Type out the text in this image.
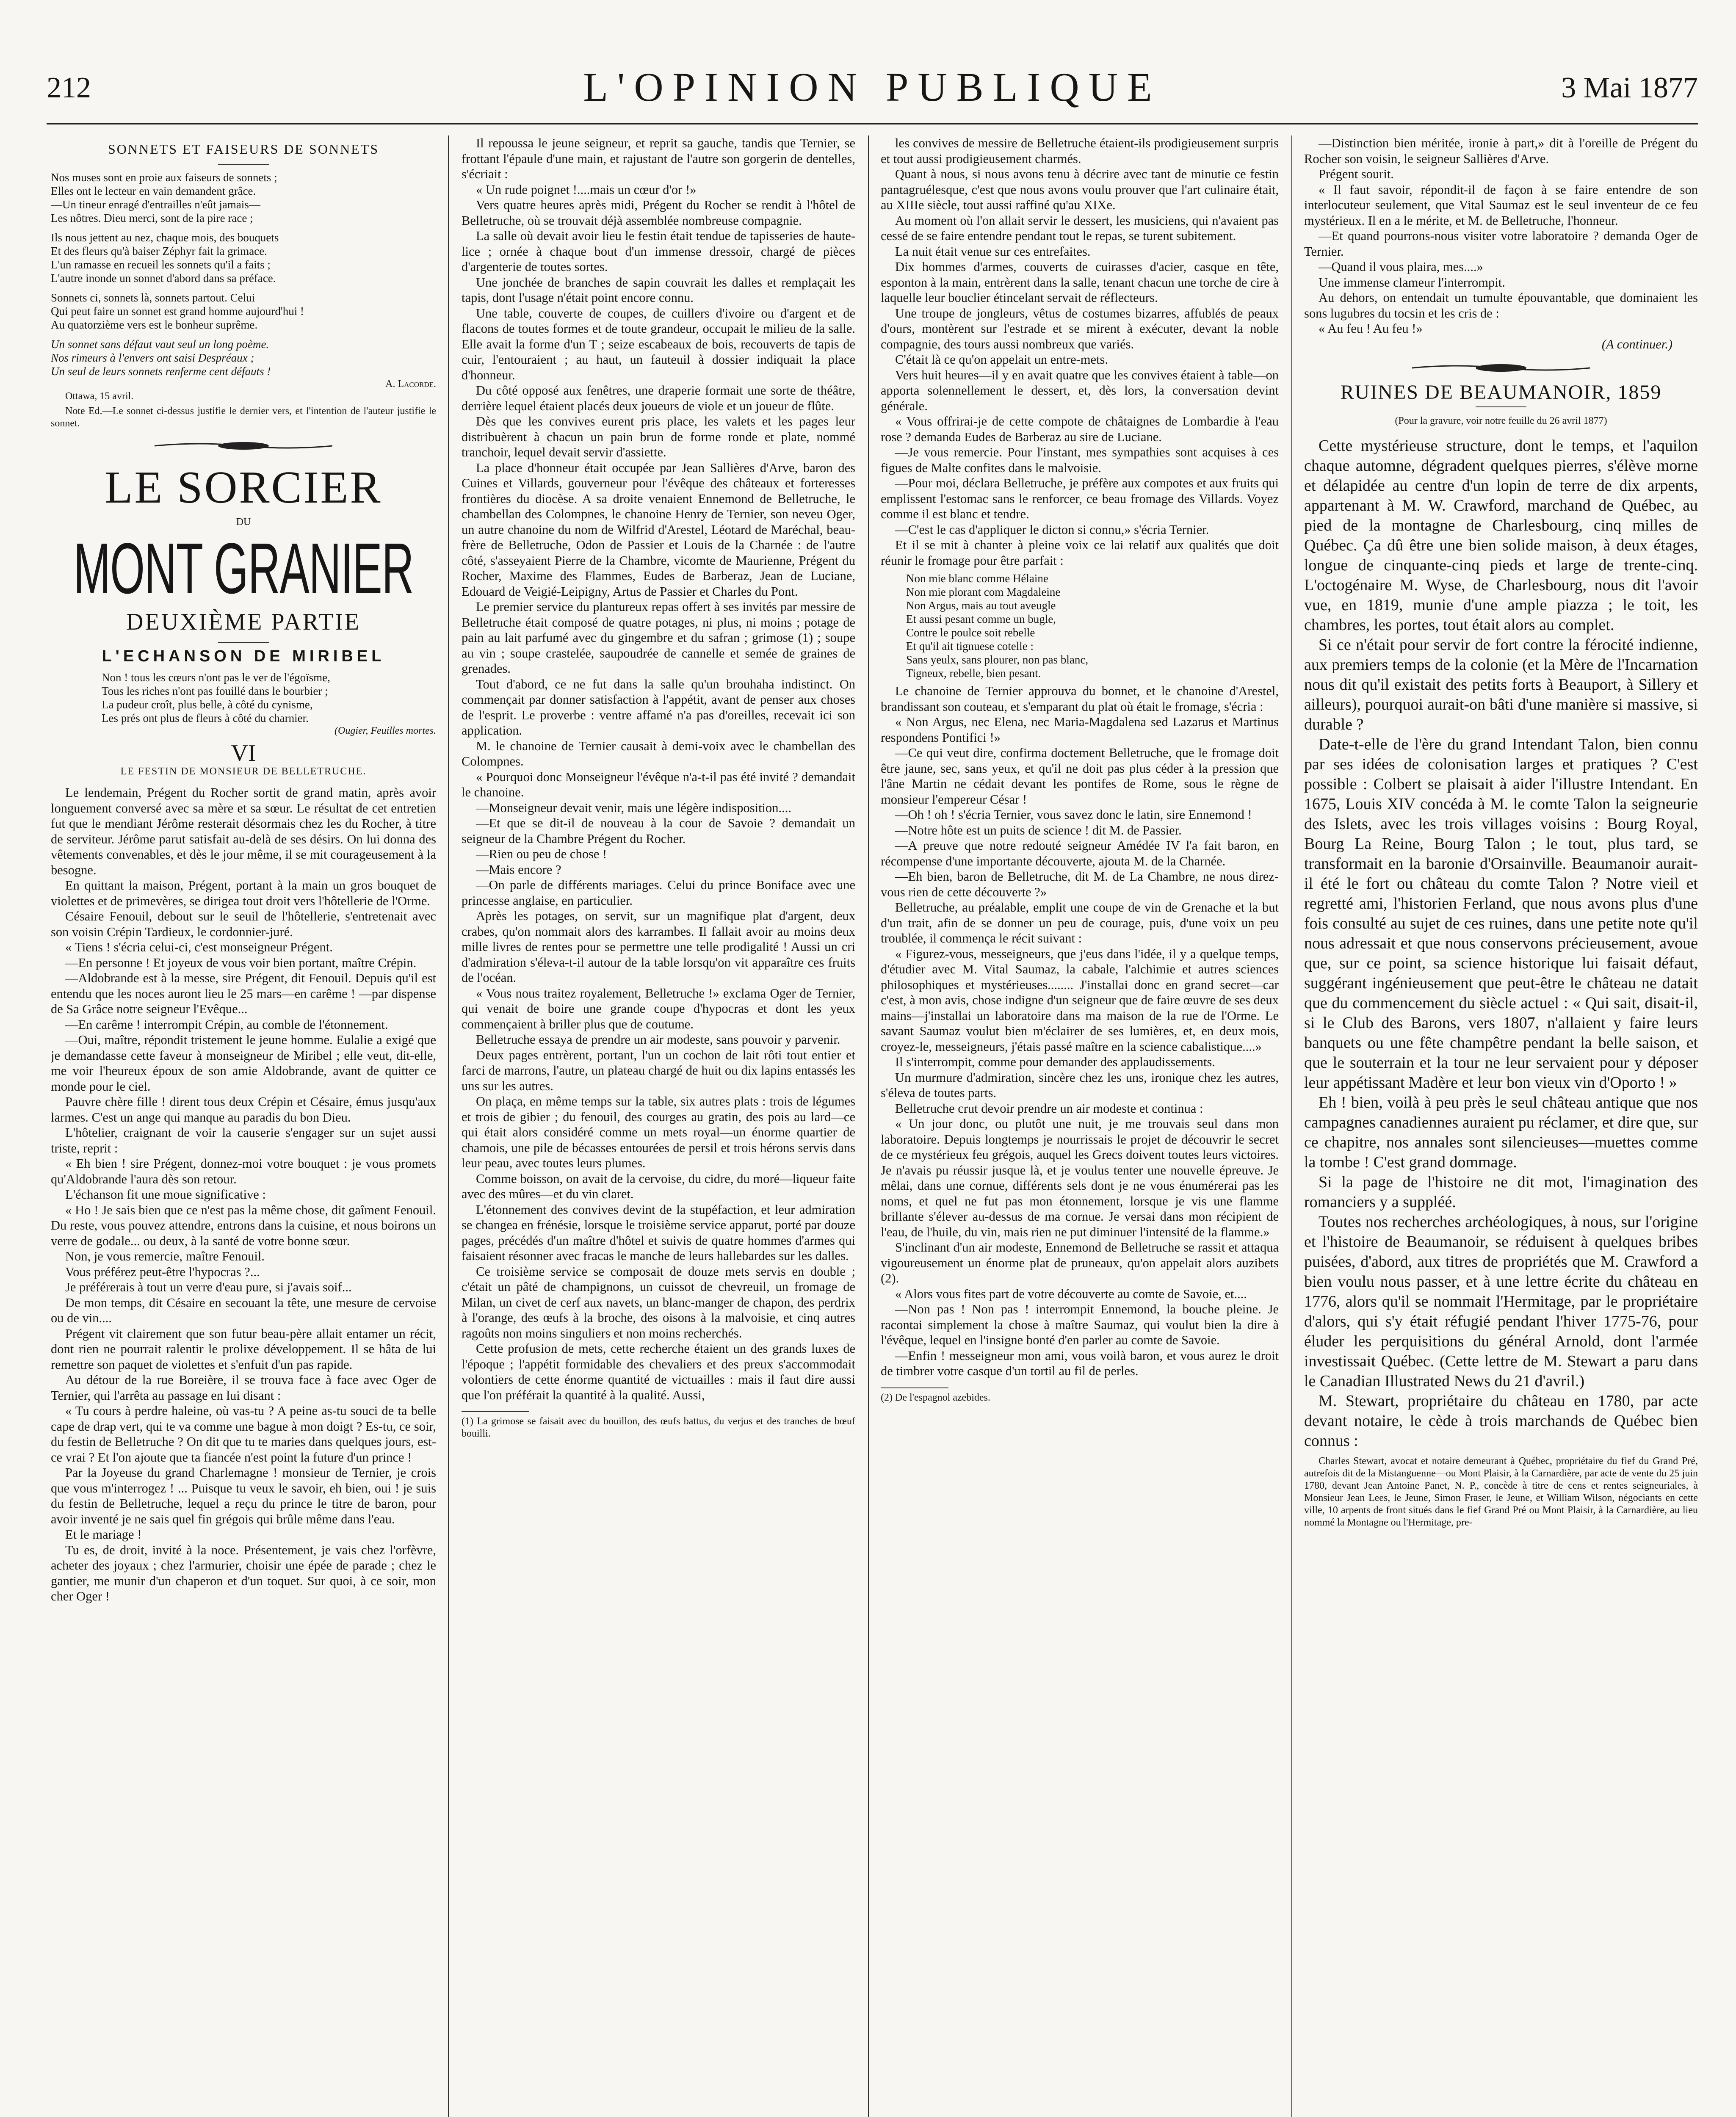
212	L'OPINION PUBLIQUE	3 Mai 1877
SONNETS ET FAISEURS DE SONNETS
Nos muses sont en proie aux faiseurs de sonnets ;
Elles ont le lecteur en vain demandent grâce.
—Un tineur enragé d'entrailles n'eût jamais—
Les nôtres. Dieu merci, sont de la pire race ;
Ils nous jettent au nez, chaque mois, des bouquets
Et des fleurs qu'à baiser Zéphyr fait la grimace.
L'un ramasse en recueil les sonnets qu'il a faits ;
L'autre inonde un sonnet d'abord dans sa préface.
Sonnets ci, sonnets là, sonnets partout. Celui
Qui peut faire un sonnet est grand homme aujourd'hui !
Au quatorzième vers est le bonheur suprême.
Un sonnet sans défaut vaut seul un long poème.
Nos rimeurs à l'envers ont saisi Despréaux ;
Un seul de leurs sonnets renferme cent défauts !
A. Lacorde.

Ottawa, 15 avril.

Note Ed.—Le sonnet ci-dessus justifie le dernier vers, et l'intention de l'auteur justifie le sonnet.

LE SORCIER
DU
MONT GRANIER
DEUXIÈME PARTIE
L'ECHANSON DE MIRIBEL
Non ! tous les cœurs n'ont pas le ver de l'égoïsme,
Tous les riches n'ont pas fouillé dans le bourbier ;
La pudeur croît, plus belle, à côté du cynisme,
Les prés ont plus de fleurs à côté du charnier.
(Ougier, Feuilles mortes.
VI
LE FESTIN DE MONSIEUR DE BELLETRUCHE.

Le lendemain, Prégent du Rocher sortit de grand matin, après avoir longuement conversé avec sa mère et sa sœur. Le résultat de cet entretien fut que le mendiant Jérôme resterait désormais chez les du Rocher, à titre de serviteur. Jérôme parut satisfait au-delà de ses désirs. On lui donna des vêtements convenables, et dès le jour même, il se mit courageusement à la besogne.

En quittant la maison, Prégent, portant à la main un gros bouquet de violettes et de primevères, se dirigea tout droit vers l'hôtellerie de l'Orme.

Césaire Fenouil, debout sur le seuil de l'hôtellerie, s'entretenait avec son voisin Crépin Tardieux, le cordonnier-juré.

« Tiens ! s'écria celui-ci, c'est monseigneur Prégent.

—En personne ! Et joyeux de vous voir bien portant, maître Crépin.

—Aldobrande est à la messe, sire Prégent, dit Fenouil. Depuis qu'il est entendu que les noces auront lieu le 25 mars—en carême ! —par dispense de Sa Grâce notre seigneur l'Evêque...

—En carême ! interrompit Crépin, au comble de l'étonnement.

—Oui, maître, répondit tristement le jeune homme. Eulalie a exigé que je demandasse cette faveur à monseigneur de Miribel ; elle veut, dit-elle, me voir l'heureux époux de son amie Aldobrande, avant de quitter ce monde pour le ciel.

Pauvre chère fille ! dirent tous deux Crépin et Césaire, émus jusqu'aux larmes. C'est un ange qui manque au paradis du bon Dieu.

L'hôtelier, craignant de voir la causerie s'engager sur un sujet aussi triste, reprit :

« Eh bien ! sire Prégent, donnez-moi votre bouquet : je vous promets qu'Aldobrande l'aura dès son retour.

L'échanson fit une moue significative :

« Ho ! Je sais bien que ce n'est pas la même chose, dit gaîment Fenouil. Du reste, vous pouvez attendre, entrons dans la cuisine, et nous boirons un verre de godale... ou deux, à la santé de votre bonne sœur.

Non, je vous remercie, maître Fenouil.

Vous préférez peut-être l'hypocras ?...

Je préférerais à tout un verre d'eau pure, si j'avais soif...

De mon temps, dit Césaire en secouant la tête, une mesure de cervoise ou de vin....

Prégent vit clairement que son futur beau-père allait entamer un récit, dont rien ne pourrait ralentir le prolixe développement. Il se hâta de lui remettre son paquet de violettes et s'enfuit d'un pas rapide.

Au détour de la rue Boreière, il se trouva face à face avec Oger de Ternier, qui l'arrêta au passage en lui disant :

« Tu cours à perdre haleine, où vas-tu ? A peine as-tu souci de ta belle cape de drap vert, qui te va comme une bague à mon doigt ? Es-tu, ce soir, du festin de Belletruche ? On dit que tu te maries dans quelques jours, est-ce vrai ? Et l'on ajoute que ta fiancée n'est point la future d'un prince !

Par la Joyeuse du grand Charlemagne ! monsieur de Ternier, je crois que vous m'interrogez ! ... Puisque tu veux le savoir, eh bien, oui ! je suis du festin de Belletruche, lequel a reçu du prince le titre de baron, pour avoir inventé je ne sais quel fin grégois qui brûle même dans l'eau.

Et le mariage !

Tu es, de droit, invité à la noce. Présentement, je vais chez l'orfèvre, acheter des joyaux ; chez l'armurier, choisir une épée de parade ; chez le gantier, me munir d'un chaperon et d'un toquet. Sur quoi, à ce soir, mon cher Oger !

Il repoussa le jeune seigneur, et reprit sa gauche, tandis que Ternier, se frottant l'épaule d'une main, et rajustant de l'autre son gorgerin de dentelles, s'écriait :

« Un rude poignet !....mais un cœur d'or !»

Vers quatre heures après midi, Prégent du Rocher se rendit à l'hôtel de Belletruche, où se trouvait déjà assemblée nombreuse compagnie.

La salle où devait avoir lieu le festin était tendue de tapisseries de haute-lice ; ornée à chaque bout d'un immense dressoir, chargé de pièces d'argenterie de toutes sortes.

Une jonchée de branches de sapin couvrait les dalles et remplaçait les tapis, dont l'usage n'était point encore connu.

Une table, couverte de coupes, de cuillers d'ivoire ou d'argent et de flacons de toutes formes et de toute grandeur, occupait le milieu de la salle. Elle avait la forme d'un T ; seize escabeaux de bois, recouverts de tapis de cuir, l'entouraient ; au haut, un fauteuil à dossier indiquait la place d'honneur.

Du côté opposé aux fenêtres, une draperie formait une sorte de théâtre, derrière lequel étaient placés deux joueurs de viole et un joueur de flûte.

Dès que les convives eurent pris place, les valets et les pages leur distribuèrent à chacun un pain brun de forme ronde et plate, nommé tranchoir, lequel devait servir d'assiette.

La place d'honneur était occupée par Jean Sallières d'Arve, baron des Cuines et Villards, gouverneur pour l'évêque des châteaux et forteresses frontières du diocèse. A sa droite venaient Ennemond de Belletruche, le chambellan des Colompnes, le chanoine Henry de Ternier, son neveu Oger, un autre chanoine du nom de Wilfrid d'Arestel, Léotard de Maréchal, beau-frère de Belletruche, Odon de Passier et Louis de la Charnée : de l'autre côté, s'asseyaient Pierre de la Chambre, vicomte de Maurienne, Prégent du Rocher, Maxime des Flammes, Eudes de Barberaz, Jean de Luciane, Edouard de Veigié-Leipigny, Artus de Passier et Charles du Pont.

Le premier service du plantureux repas offert à ses invités par messire de Belletruche était composé de quatre potages, ni plus, ni moins ; potage de pain au lait parfumé avec du gingembre et du safran ; grimose (1) ; soupe au vin ; soupe crastelée, saupoudrée de cannelle et semée de graines de grenades.

Tout d'abord, ce ne fut dans la salle qu'un brouhaha indistinct. On commençait par donner satisfaction à l'appétit, avant de penser aux choses de l'esprit. Le proverbe : ventre affamé n'a pas d'oreilles, recevait ici son application.

M. le chanoine de Ternier causait à demi-voix avec le chambellan des Colompnes.

« Pourquoi donc Monseigneur l'évêque n'a-t-il pas été invité ? demandait le chanoine.

—Monseigneur devait venir, mais une légère indisposition....

—Et que se dit-il de nouveau à la cour de Savoie ? demandait un seigneur de la Chambre Prégent du Rocher.

—Rien ou peu de chose !

—Mais encore ?

—On parle de différents mariages. Celui du prince Boniface avec une princesse anglaise, en particulier.

Après les potages, on servit, sur un magnifique plat d'argent, deux crabes, qu'on nommait alors des karrambes. Il fallait avoir au moins deux mille livres de rentes pour se permettre une telle prodigalité ! Aussi un cri d'admiration s'éleva-t-il autour de la table lorsqu'on vit apparaître ces fruits de l'océan.

« Vous nous traitez royalement, Belletruche !» exclama Oger de Ternier, qui venait de boire une grande coupe d'hypocras et dont les yeux commençaient à briller plus que de coutume.

Belletruche essaya de prendre un air modeste, sans pouvoir y parvenir.

Deux pages entrèrent, portant, l'un un cochon de lait rôti tout entier et farci de marrons, l'autre, un plateau chargé de huit ou dix lapins entassés les uns sur les autres.

On plaça, en même temps sur la table, six autres plats : trois de légumes et trois de gibier ; du fenouil, des courges au gratin, des pois au lard—ce qui était alors considéré comme un mets royal—un énorme quartier de chamois, une pile de bécasses entourées de persil et trois hérons servis dans leur peau, avec toutes leurs plumes.

Comme boisson, on avait de la cervoise, du cidre, du moré—liqueur faite avec des mûres—et du vin claret.

L'étonnement des convives devint de la stupéfaction, et leur admiration se changea en frénésie, lorsque le troisième service apparut, porté par douze pages, précédés d'un maître d'hôtel et suivis de quatre hommes d'armes qui faisaient résonner avec fracas le manche de leurs hallebardes sur les dalles.

Ce troisième service se composait de douze mets servis en double ; c'était un pâté de champignons, un cuissot de chevreuil, un fromage de Milan, un civet de cerf aux navets, un blanc-manger de chapon, des perdrix à l'orange, des œufs à la broche, des oisons à la malvoisie, et cinq autres ragoûts non moins singuliers et non moins recherchés.

Cette profusion de mets, cette recherche étaient un des grands luxes de l'époque ; l'appétit formidable des chevaliers et des preux s'accommodait volontiers de cette énorme quantité de victuailles : mais il faut dire aussi que l'on préférait la quantité à la qualité. Aussi,

(1) La grimose se faisait avec du bouillon, des œufs battus, du verjus et des tranches de bœuf bouilli.

les convives de messire de Belletruche étaient-ils prodigieusement surpris et tout aussi prodigieusement charmés.

Quant à nous, si nous avons tenu à décrire avec tant de minutie ce festin pantagruélesque, c'est que nous avons voulu prouver que l'art culinaire était, au XIIIe siècle, tout aussi raffiné qu'au XIXe.

Au moment où l'on allait servir le dessert, les musiciens, qui n'avaient pas cessé de se faire entendre pendant tout le repas, se turent subitement.

La nuit était venue sur ces entrefaites.

Dix hommes d'armes, couverts de cuirasses d'acier, casque en tête, esponton à la main, entrèrent dans la salle, tenant chacun une torche de cire à laquelle leur bouclier étincelant servait de réflecteurs.

Une troupe de jongleurs, vêtus de costumes bizarres, affublés de peaux d'ours, montèrent sur l'estrade et se mirent à exécuter, devant la noble compagnie, des tours aussi nombreux que variés.

C'était là ce qu'on appelait un entre-mets.

Vers huit heures—il y en avait quatre que les convives étaient à table—on apporta solennellement le dessert, et, dès lors, la conversation devint générale.

« Vous offrirai-je de cette compote de châtaignes de Lombardie à l'eau rose ? demanda Eudes de Barberaz au sire de Luciane.

—Je vous remercie. Pour l'instant, mes sympathies sont acquises à ces figues de Malte confites dans le malvoisie.

—Pour moi, déclara Belletruche, je préfère aux compotes et aux fruits qui emplissent l'estomac sans le renforcer, ce beau fromage des Villards. Voyez comme il est blanc et tendre.

—C'est le cas d'appliquer le dicton si connu,» s'écria Ternier.

Et il se mit à chanter à pleine voix ce lai relatif aux qualités que doit réunir le fromage pour être parfait :

Non mie blanc comme Hélaine
Non mie plorant com Magdaleine
Non Argus, mais au tout aveugle
Et aussi pesant comme un bugle,
Contre le poulce soit rebelle
Et qu'il ait tignuese cotelle :
Sans yeulx, sans plourer, non pas blanc,
Tigneux, rebelle, bien pesant.

Le chanoine de Ternier approuva du bonnet, et le chanoine d'Arestel, brandissant son couteau, et s'emparant du plat où était le fromage, s'écria :

« Non Argus, nec Elena, nec Maria-Magdalena sed Lazarus et Martinus respondens Pontifici !»

—Ce qui veut dire, confirma doctement Belletruche, que le fromage doit être jaune, sec, sans yeux, et qu'il ne doit pas plus céder à la pression que l'âne Martin ne cédait devant les pontifes de Rome, sous le règne de monsieur l'empereur César !

—Oh ! oh ! s'écria Ternier, vous savez donc le latin, sire Ennemond !

—Notre hôte est un puits de science ! dit M. de Passier.

—A preuve que notre redouté seigneur Amédée IV l'a fait baron, en récompense d'une importante découverte, ajouta M. de la Charnée.

—Eh bien, baron de Belletruche, dit M. de La Chambre, ne nous direz-vous rien de cette découverte ?»

Belletruche, au préalable, emplit une coupe de vin de Grenache et la but d'un trait, afin de se donner un peu de courage, puis, d'une voix un peu troublée, il commença le récit suivant :

« Figurez-vous, messeigneurs, que j'eus dans l'idée, il y a quelque temps, d'étudier avec M. Vital Saumaz, la cabale, l'alchimie et autres sciences philosophiques et mystérieuses........ J'installai donc en grand secret—car c'est, à mon avis, chose indigne d'un seigneur que de faire œuvre de ses deux mains—j'installai un laboratoire dans ma maison de la rue de l'Orme. Le savant Saumaz voulut bien m'éclairer de ses lumières, et, en deux mois, croyez-le, messeigneurs, j'étais passé maître en la science cabalistique....»

Il s'interrompit, comme pour demander des applaudissements.

Un murmure d'admiration, sincère chez les uns, ironique chez les autres, s'éleva de toutes parts.

Belletruche crut devoir prendre un air modeste et continua :

« Un jour donc, ou plutôt une nuit, je me trouvais seul dans mon laboratoire. Depuis longtemps je nourrissais le projet de découvrir le secret de ce mystérieux feu grégois, auquel les Grecs doivent toutes leurs victoires. Je n'avais pu réussir jusque là, et je voulus tenter une nouvelle épreuve. Je mêlai, dans une cornue, différents sels dont je ne vous énumérerai pas les noms, et quel ne fut pas mon étonnement, lorsque je vis une flamme brillante s'élever au-dessus de ma cornue. Je versai dans mon récipient de l'eau, de l'huile, du vin, mais rien ne put diminuer l'intensité de la flamme.»

S'inclinant d'un air modeste, Ennemond de Belletruche se rassit et attaqua vigoureusement un énorme plat de pruneaux, qu'on appelait alors auzibets (2).

« Alors vous fites part de votre découverte au comte de Savoie, et....

—Non pas ! Non pas ! interrompit Ennemond, la bouche pleine. Je racontai simplement la chose à maître Saumaz, qui voulut bien la dire à l'évêque, lequel en l'insigne bonté d'en parler au comte de Savoie.

—Enfin ! messeigneur mon ami, vous voilà baron, et vous aurez le droit de timbrer votre casque d'un tortil au fil de perles.

(2) De l'espagnol azebides.

—Distinction bien méritée, ironie à part,» dit à l'oreille de Prégent du Rocher son voisin, le seigneur Sallières d'Arve.

Prégent sourit.

« Il faut savoir, répondit-il de façon à se faire entendre de son interlocuteur seulement, que Vital Saumaz est le seul inventeur de ce feu mystérieux. Il en a le mérite, et M. de Belletruche, l'honneur.

—Et quand pourrons-nous visiter votre laboratoire ? demanda Oger de Ternier.

—Quand il vous plaira, mes....»

Une immense clameur l'interrompit.

Au dehors, on entendait un tumulte épouvantable, que dominaient les sons lugubres du tocsin et les cris de :

« Au feu ! Au feu !»

(A continuer.)
RUINES DE BEAUMANOIR, 1859
(Pour la gravure, voir notre feuille du 26 avril 1877)

Cette mystérieuse structure, dont le temps, et l'aquilon chaque automne, dégradent quelques pierres, s'élève morne et délapidée au centre d'un lopin de terre de dix arpents, appartenant à M. W. Crawford, marchand de Québec, au pied de la montagne de Charlesbourg, cinq milles de Québec. Ça dû être une bien solide maison, à deux étages, longue de cinquante-cinq pieds et large de trente-cinq. L'octogénaire M. Wyse, de Charlesbourg, nous dit l'avoir vue, en 1819, munie d'une ample piazza ; le toit, les chambres, les portes, tout était alors au complet.

Si ce n'était pour servir de fort contre la férocité indienne, aux premiers temps de la colonie (et la Mère de l'Incarnation nous dit qu'il existait des petits forts à Beauport, à Sillery et ailleurs), pourquoi aurait-on bâti d'une manière si massive, si durable ?

Date-t-elle de l'ère du grand Intendant Talon, bien connu par ses idées de colonisation larges et pratiques ? C'est possible : Colbert se plaisait à aider l'illustre Intendant. En 1675, Louis XIV concéda à M. le comte Talon la seigneurie des Islets, avec les trois villages voisins : Bourg Royal, Bourg La Reine, Bourg Talon ; le tout, plus tard, se transformait en la baronie d'Orsainville. Beaumanoir aurait-il été le fort ou château du comte Talon ? Notre vieil et regretté ami, l'historien Ferland, que nous avons plus d'une fois consulté au sujet de ces ruines, dans une petite note qu'il nous adressait et que nous conservons précieusement, avoue que, sur ce point, sa science historique lui faisait défaut, suggérant ingénieusement que peut-être le château ne datait que du commencement du siècle actuel : « Qui sait, disait-il, si le Club des Barons, vers 1807, n'allaient y faire leurs banquets ou une fête champêtre pendant la belle saison, et que le souterrain et la tour ne leur servaient pour y déposer leur appétissant Madère et leur bon vieux vin d'Oporto ! »

Eh ! bien, voilà à peu près le seul château antique que nos campagnes canadiennes auraient pu réclamer, et dire que, sur ce chapitre, nos annales sont silencieuses—muettes comme la tombe ! C'est grand dommage.

Si la page de l'histoire ne dit mot, l'imagination des romanciers y a suppléé.

Toutes nos recherches archéologiques, à nous, sur l'origine et l'histoire de Beaumanoir, se réduisent à quelques bribes puisées, d'abord, aux titres de propriétés que M. Crawford a bien voulu nous passer, et à une lettre écrite du château en 1776, alors qu'il se nommait l'Hermitage, par le propriétaire d'alors, qui s'y était réfugié pendant l'hiver 1775-76, pour éluder les perquisitions du général Arnold, dont l'armée investissait Québec. (Cette lettre de M. Stewart a paru dans le Canadian Illustrated News du 21 d'avril.)

M. Stewart, propriétaire du château en 1780, par acte devant notaire, le cède à trois marchands de Québec bien connus :

Charles Stewart, avocat et notaire demeurant à Québec, propriétaire du fief du Grand Pré, autrefois dit de la Mistanguenne—ou Mont Plaisir, à la Carnardière, par acte de vente du 25 juin 1780, devant Jean Antoine Panet, N. P., concède à titre de cens et rentes seigneuriales, à Monsieur Jean Lees, le Jeune, Simon Fraser, le Jeune, et William Wilson, négociants en cette ville, 10 arpents de front situés dans le fief Grand Pré ou Mont Plaisir, à la Carnardière, au lieu nommé la Montagne ou l'Hermitage, pre-
